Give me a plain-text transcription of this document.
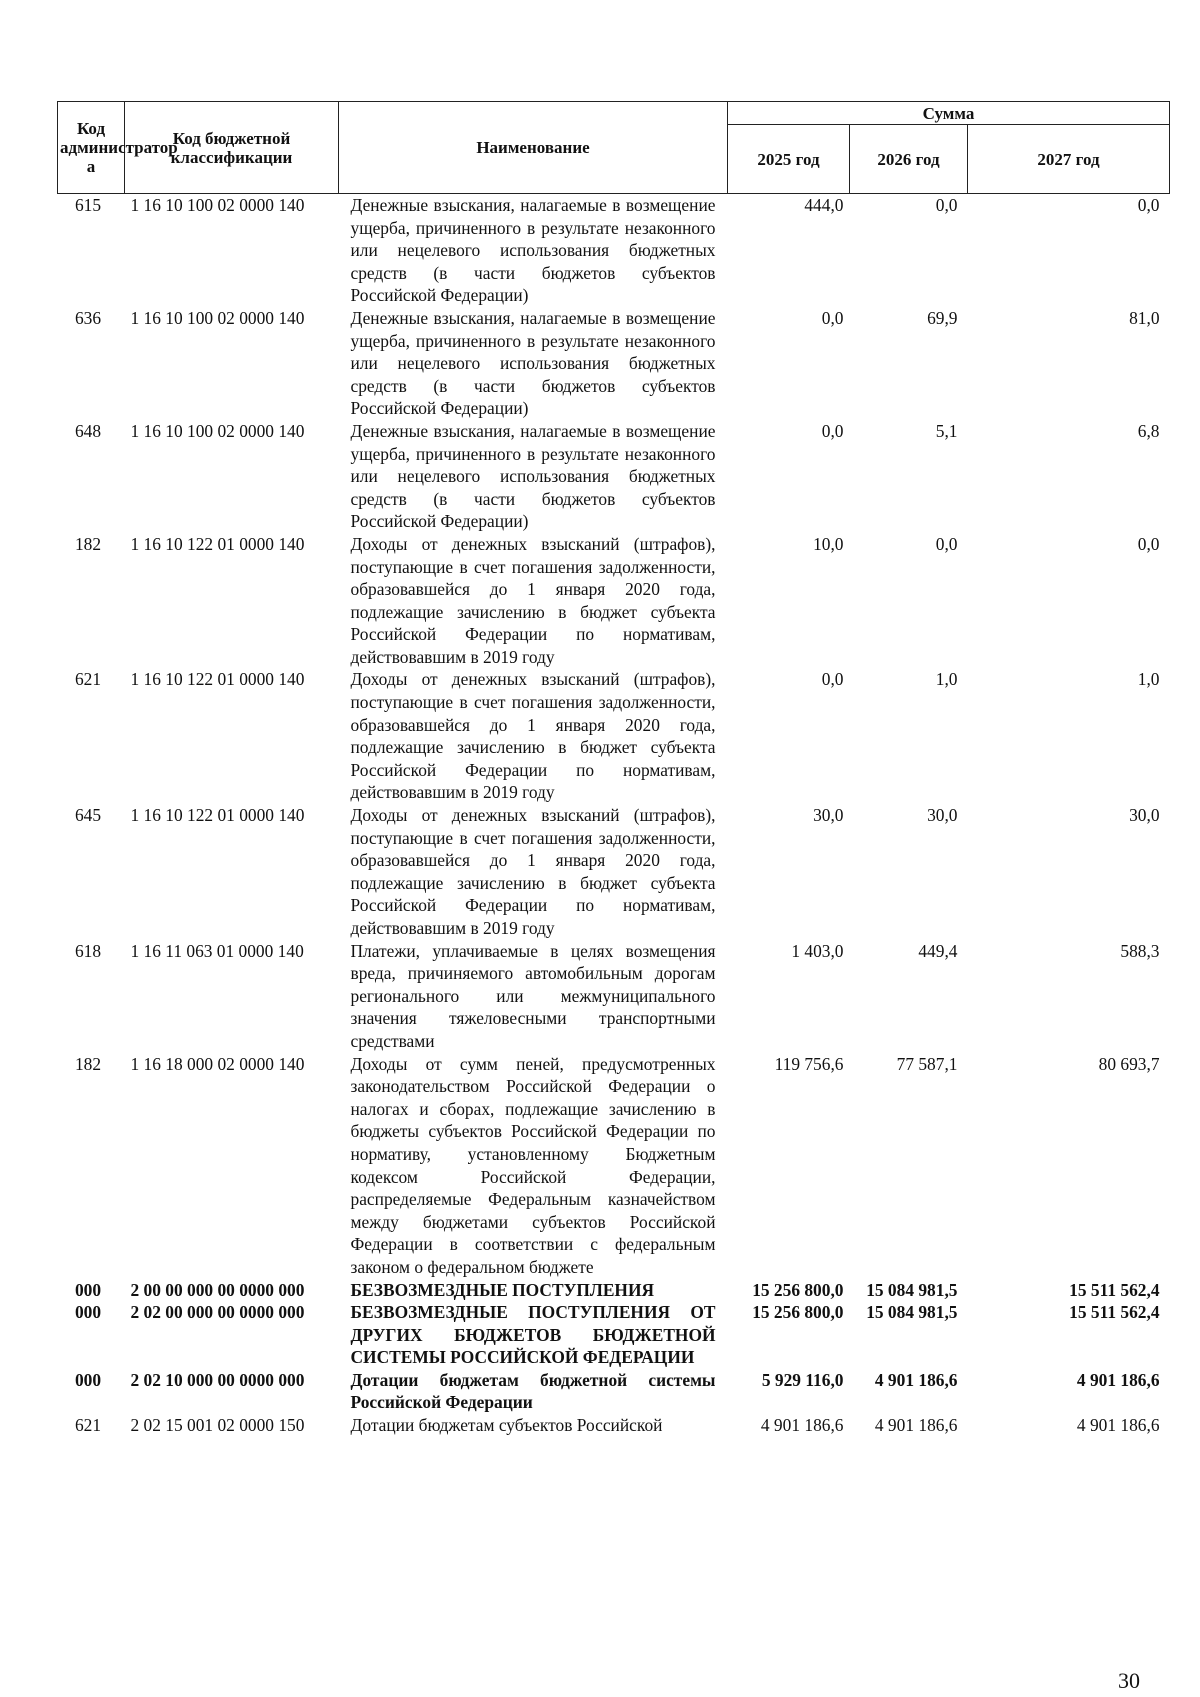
Код администратор а	Код бюджетной классификации	Наименование	Сумма		
			2025 год	2026 год	2027 год
615	1 16 10 100 02 0000 140	Денежные взыскания, налагаемые в возмещение ущерба, причиненного в результате незаконного или нецелевого использования бюджетных средств (в части бюджетов субъектов Российской Федерации)	444,0	0,0	0,0
636	1 16 10 100 02 0000 140	Денежные взыскания, налагаемые в возмещение ущерба, причиненного в результате незаконного или нецелевого использования бюджетных средств (в части бюджетов субъектов Российской Федерации)	0,0	69,9	81,0
648	1 16 10 100 02 0000 140	Денежные взыскания, налагаемые в возмещение ущерба, причиненного в результате незаконного или нецелевого использования бюджетных средств (в части бюджетов субъектов Российской Федерации)	0,0	5,1	6,8
182	1 16 10 122 01 0000 140	Доходы от денежных взысканий (штрафов), поступающие в счет погашения задолженности, образовавшейся до 1 января 2020 года, подлежащие зачислению в бюджет субъекта Российской Федерации по нормативам, действовавшим в 2019 году	10,0	0,0	0,0
621	1 16 10 122 01 0000 140	Доходы от денежных взысканий (штрафов), поступающие в счет погашения задолженности, образовавшейся до 1 января 2020 года, подлежащие зачислению в бюджет субъекта Российской Федерации по нормативам, действовавшим в 2019 году	0,0	1,0	1,0
645	1 16 10 122 01 0000 140	Доходы от денежных взысканий (штрафов), поступающие в счет погашения задолженности, образовавшейся до 1 января 2020 года, подлежащие зачислению в бюджет субъекта Российской Федерации по нормативам, действовавшим в 2019 году	30,0	30,0	30,0
618	1 16 11 063 01 0000 140	Платежи, уплачиваемые в целях возмещения вреда, причиняемого автомобильным дорогам регионального или межмуниципального значения тяжеловесными транспортными средствами	1 403,0	449,4	588,3
182	1 16 18 000 02 0000 140	Доходы от сумм пеней, предусмотренных законодательством Российской Федерации о налогах и сборах, подлежащие зачислению в бюджеты субъектов Российской Федерации по нормативу, установленному Бюджетным кодексом Российской Федерации, распределяемые Федеральным казначейством между бюджетами субъектов Российской Федерации в соответствии с федеральным законом о федеральном бюджете	119 756,6	77 587,1	80 693,7
000	2 00 00 000 00 0000 000	БЕЗВОЗМЕЗДНЫЕ ПОСТУПЛЕНИЯ	15 256 800,0	15 084 981,5	15 511 562,4
000	2 02 00 000 00 0000 000	БЕЗВОЗМЕЗДНЫЕ ПОСТУПЛЕНИЯ ОТ ДРУГИХ БЮДЖЕТОВ БЮДЖЕТНОЙ СИСТЕМЫ РОССИЙСКОЙ ФЕДЕРАЦИИ	15 256 800,0	15 084 981,5	15 511 562,4
000	2 02 10 000 00 0000 000	Дотации бюджетам бюджетной системы Российской Федерации	5 929 116,0	4 901 186,6	4 901 186,6
621	2 02 15 001 02 0000 150	Дотации бюджетам субъектов Российской	4 901 186,6	4 901 186,6	4 901 186,6
30
